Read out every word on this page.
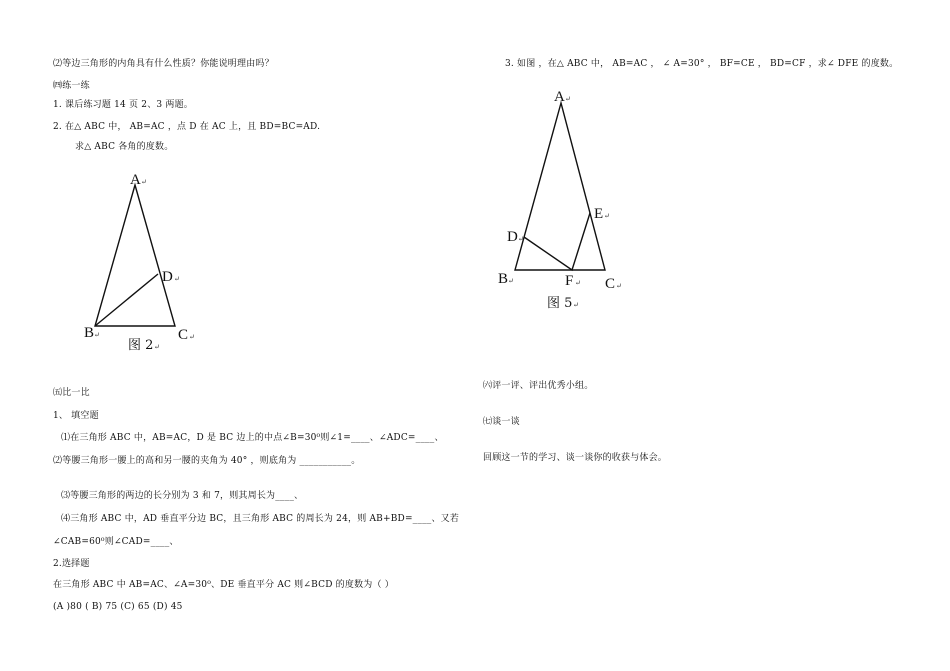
⑵等边三角形的内角具有什么性质？你能说明理由吗？
㈣练一练
1. 课后练习题 14 页 2、3 两题。
2. 在△ ABC 中， AB=AC ，点 D 在 AC 上，且 BD=BC=AD.
求△ ABC 各角的度数。
A ↵
D ↵
B ↵	C ↵
图 2 ↵
㈤比一比
1、 填空题
⑴在三角形 ABC 中，AB=AC，D 是 BC 边上的中点∠B=30⁰则∠1=____、∠ADC=____、
⑵等腰三角形一腰上的高和另一腰的夹角为 40° ，则底角为 ___________。
⑶等腰三角形的两边的长分别为 3 和 7，则其周长为____、
⑷三角形 ABC 中，AD 垂直平分边 BC，且三角形 ABC 的周长为 24，则 AB+BD=____、又若
∠CAB=60⁰则∠CAD=____、
2.选择题
在三角形 ABC 中 AB=AC、∠A=30⁰、DE 垂直平分 AC 则∠BCD 的度数为（ ）
(A )80 ( B) 75 (C) 65 (D) 45
3. 如图 ，在△ ABC 中， AB=AC ， ∠ A=30° ， BF=CE ， BD=CF ，求∠ DFE 的度数。
A ↵
E ↵
D ↵
B ↵	F ↵ C ↵
图 5 ↵
㈥评一评、评出优秀小组。
㈦谈一谈
回顾这一节的学习、谈一谈你的收获与体会。
